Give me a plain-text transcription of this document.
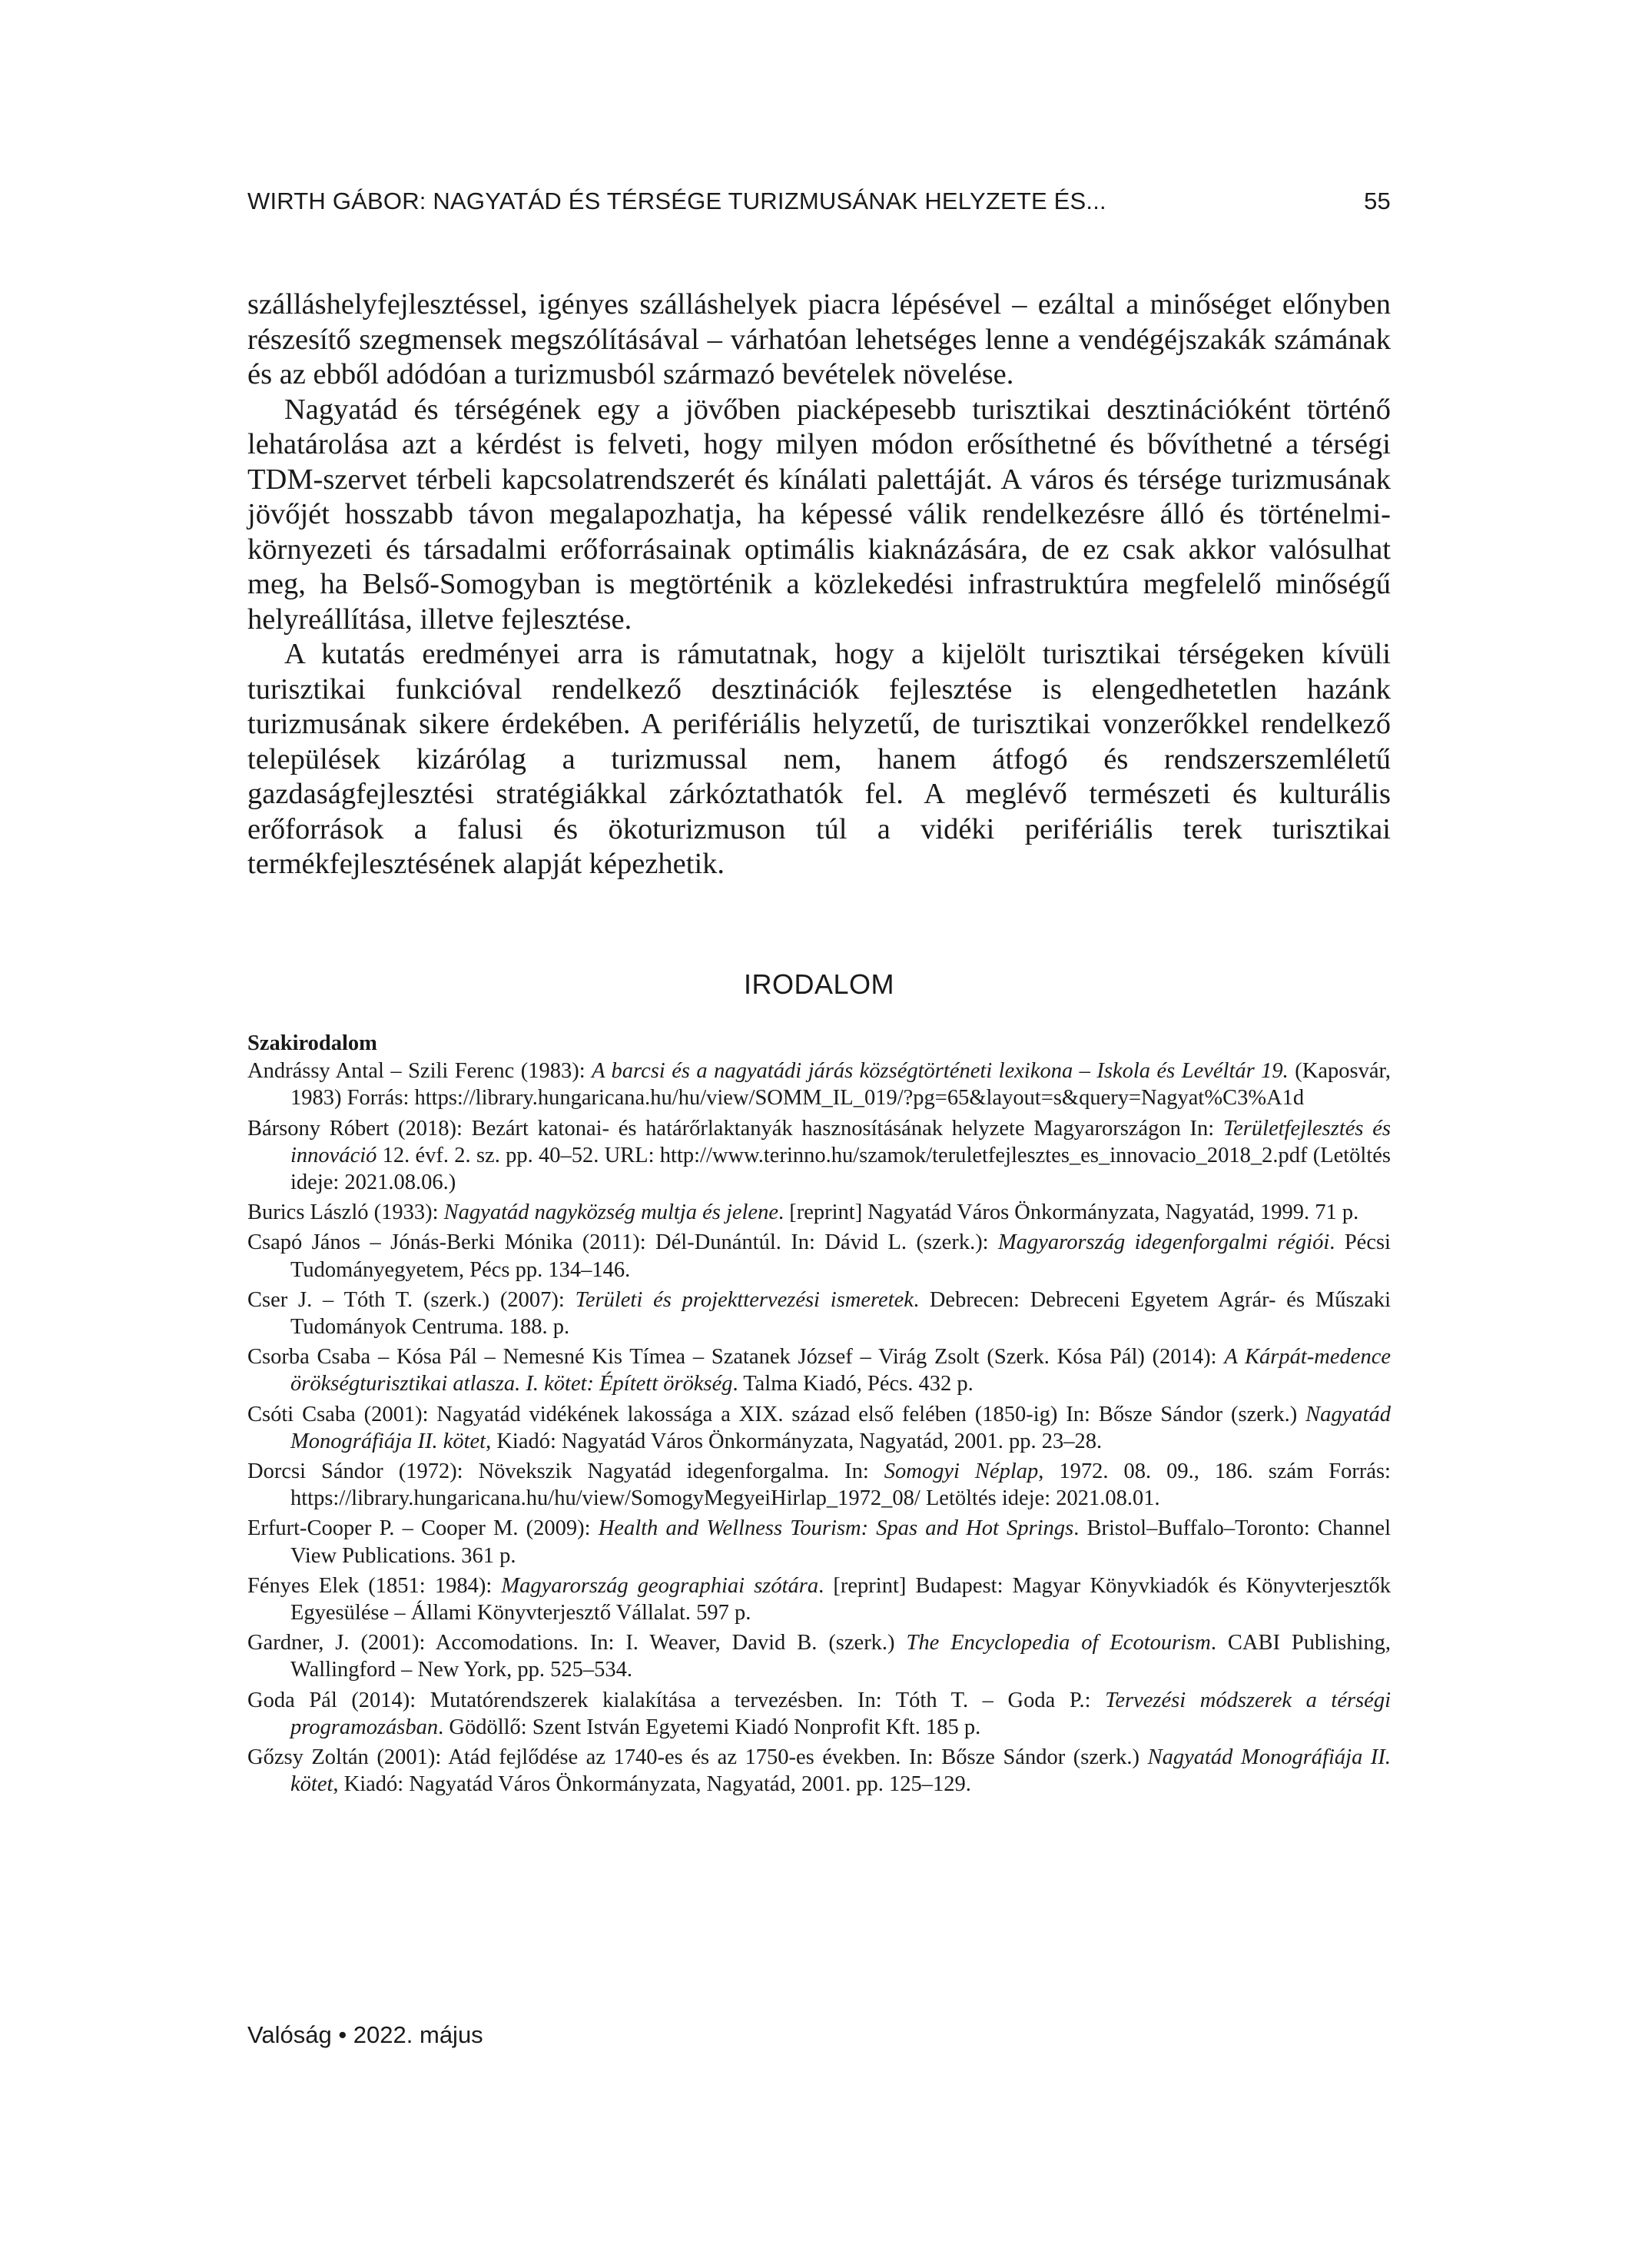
WIRTH GÁBOR: NAGYATÁD ÉS TÉRSÉGE TURIZMUSÁNAK HELYZETE ÉS...	55

szálláshelyfejlesztéssel, igényes szálláshelyek piacra lépésével – ezáltal a minőséget előnyben részesítő szegmensek megszólításával – várhatóan lehetséges lenne a vendégéjszakák számának és az ebből adódóan a turizmusból származó bevételek növelése.

Nagyatád és térségének egy a jövőben piacképesebb turisztikai desztinációként történő lehatárolása azt a kérdést is felveti, hogy milyen módon erősíthetné és bővíthetné a térségi TDM-szervet térbeli kapcsolatrendszerét és kínálati palettáját. A város és térsége turizmusának jövőjét hosszabb távon megalapozhatja, ha képessé válik rendelkezésre álló és történelmi-környezeti és társadalmi erőforrásainak optimális kiaknázására, de ez csak akkor valósulhat meg, ha Belső-Somogyban is megtörténik a közlekedési infrastruktúra megfelelő minőségű helyreállítása, illetve fejlesztése.

A kutatás eredményei arra is rámutatnak, hogy a kijelölt turisztikai térségeken kívüli turisztikai funkcióval rendelkező desztinációk fejlesztése is elengedhetetlen hazánk turizmusának sikere érdekében. A perifériális helyzetű, de turisztikai vonzerőkkel rendelkező települések kizárólag a turizmussal nem, hanem átfogó és rendszerszemléletű gazdaságfejlesztési stratégiákkal zárkóztathatók fel. A meglévő természeti és kulturális erőforrások a falusi és ökoturizmuson túl a vidéki perifériális terek turisztikai termékfejlesztésének alapját képezhetik.

IRODALOM
Szakirodalom
Andrássy Antal – Szili Ferenc (1983): A barcsi és a nagyatádi járás községtörténeti lexikona – Iskola és Levéltár 19. (Kaposvár, 1983) Forrás: https://library.hungaricana.hu/hu/view/SOMM_IL_019/?pg=65&layout=s&query=Nagyat%C3%A1d
Bársony Róbert (2018): Bezárt katonai- és határőrlaktanyák hasznosításának helyzete Magyarországon In: Területfejlesztés és innováció 12. évf. 2. sz. pp. 40–52. URL: http://www.terinno.hu/szamok/teruletfejlesztes_es_innovacio_2018_2.pdf (Letöltés ideje: 2021.08.06.)
Burics László (1933): Nagyatád nagyközség multja és jelene. [reprint] Nagyatád Város Önkormányzata, Nagyatád, 1999. 71 p.
Csapó János – Jónás-Berki Mónika (2011): Dél-Dunántúl. In: Dávid L. (szerk.): Magyarország idegenforgalmi régiói. Pécsi Tudományegyetem, Pécs pp. 134–146.
Cser J. – Tóth T. (szerk.) (2007): Területi és projekttervezési ismeretek. Debrecen: Debreceni Egyetem Agrár- és Műszaki Tudományok Centruma. 188. p.
Csorba Csaba – Kósa Pál – Nemesné Kis Tímea – Szatanek József – Virág Zsolt (Szerk. Kósa Pál) (2014): A Kárpát-medence örökségturisztikai atlasza. I. kötet: Épített örökség. Talma Kiadó, Pécs. 432 p.
Csóti Csaba (2001): Nagyatád vidékének lakossága a XIX. század első felében (1850-ig) In: Bősze Sándor (szerk.) Nagyatád Monográfiája II. kötet, Kiadó: Nagyatád Város Önkormányzata, Nagyatád, 2001. pp. 23–28.
Dorcsi Sándor (1972): Növekszik Nagyatád idegenforgalma. In: Somogyi Néplap, 1972. 08. 09., 186. szám Forrás: https://library.hungaricana.hu/hu/view/SomogyMegyeiHirlap_1972_08/ Letöltés ideje: 2021.08.01.
Erfurt-Cooper P. – Cooper M. (2009): Health and Wellness Tourism: Spas and Hot Springs. Bristol–Buffalo–Toronto: Channel View Publications. 361 p.
Fényes Elek (1851: 1984): Magyarország geographiai szótára. [reprint] Budapest: Magyar Könyvkiadók és Könyvterjesztők Egyesülése – Állami Könyvterjesztő Vállalat. 597 p.
Gardner, J. (2001): Accomodations. In: I. Weaver, David B. (szerk.) The Encyclopedia of Ecotourism. CABI Publishing, Wallingford – New York, pp. 525–534.
Goda Pál (2014): Mutatórendszerek kialakítása a tervezésben. In: Tóth T. – Goda P.: Tervezési módszerek a térségi programozásban. Gödöllő: Szent István Egyetemi Kiadó Nonprofit Kft. 185 p.
Gőzsy Zoltán (2001): Atád fejlődése az 1740-es és az 1750-es években. In: Bősze Sándor (szerk.) Nagyatád Monográfiája II. kötet, Kiadó: Nagyatád Város Önkormányzata, Nagyatád, 2001. pp. 125–129.
Valóság • 2022. május
